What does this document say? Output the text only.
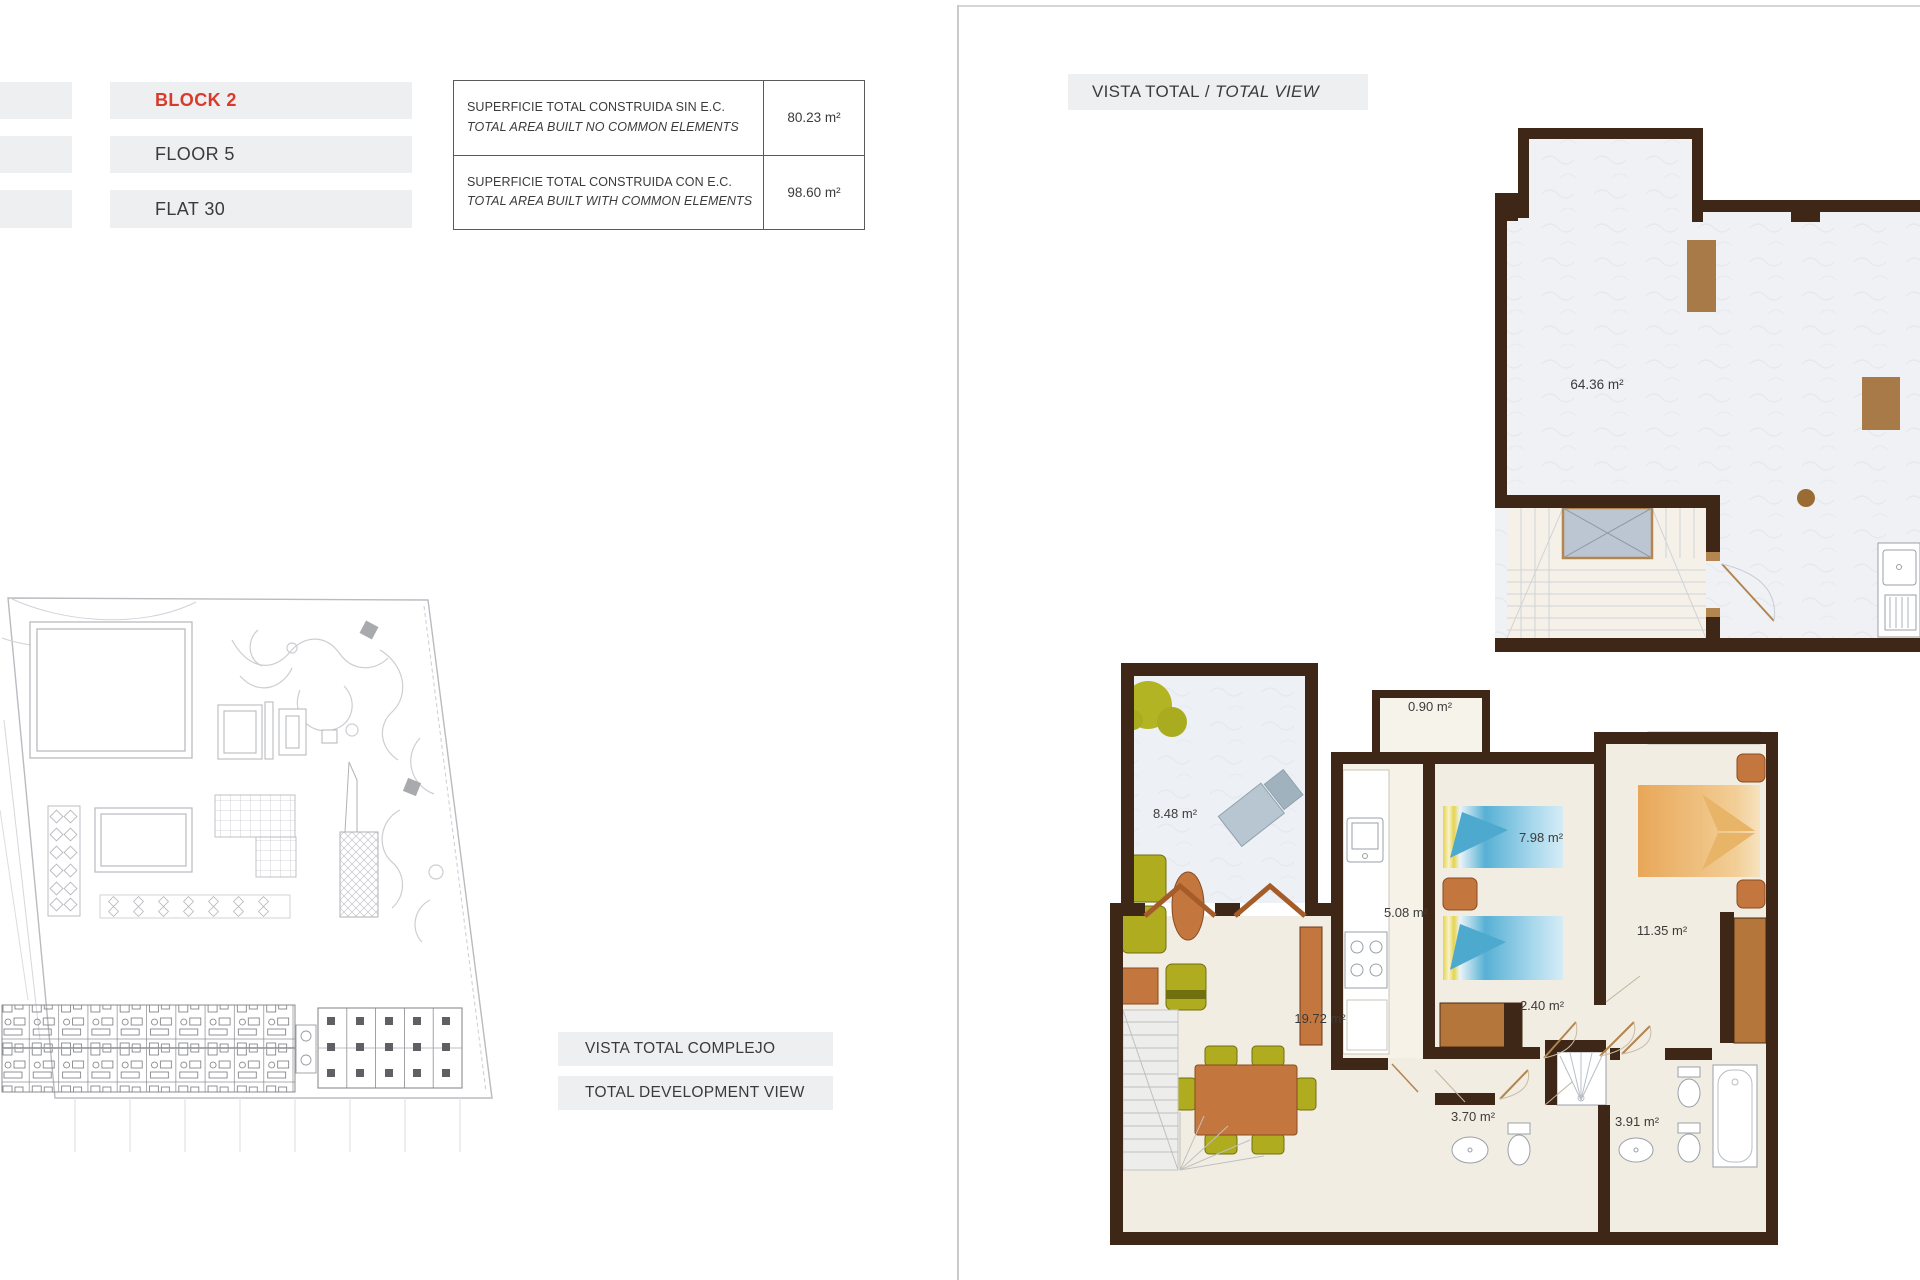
BLOCK 2
FLOOR 5
FLAT 30
SUPERFICIE TOTAL CONSTRUIDA SIN E.C.
TOTAL AREA BUILT NO COMMON ELEMENTS
80.23 m²
SUPERFICIE TOTAL CONSTRUIDA CON E.C.
TOTAL AREA BUILT WITH COMMON ELEMENTS
98.60 m²
VISTA TOTAL COMPLEJO
TOTAL DEVELOPMENT VIEW
VISTA TOTAL / TOTAL VIEW
64.36 m²
8.48 m²
0.90 m²
5.08 m²
7.98 m²
11.35 m²
19.72 m²
2.40 m²
3.70 m²	3.91 m²
